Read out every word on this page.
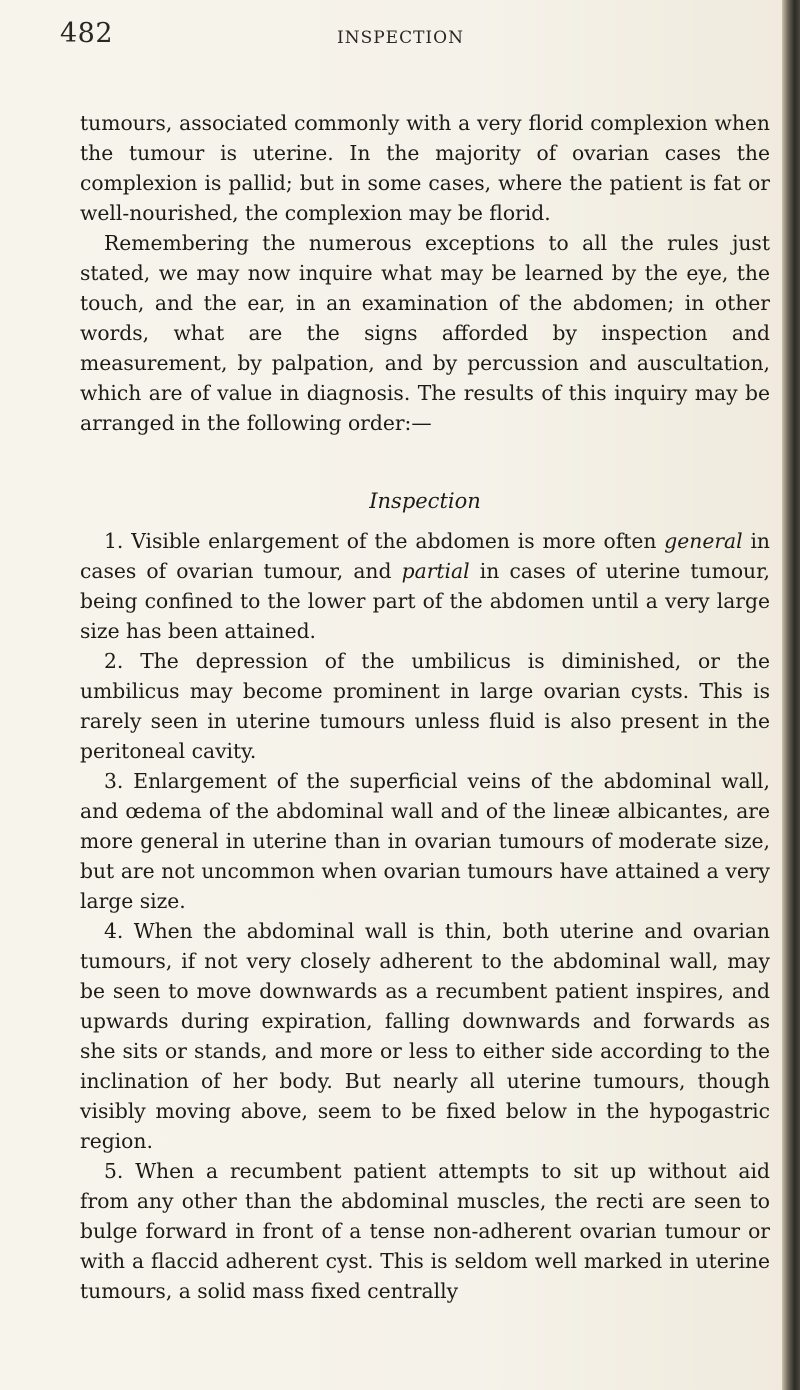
482	INSPECTION

tumours, associated commonly with a very florid complexion when the tumour is uterine. In the majority of ovarian cases the complexion is pallid; but in some cases, where the patient is fat or well-nourished, the complexion may be florid.

Remembering the numerous exceptions to all the rules just stated, we may now inquire what may be learned by the eye, the touch, and the ear, in an examination of the abdomen; in other words, what are the signs afforded by inspection and measurement, by palpation, and by percussion and auscultation, which are of value in diagnosis. The results of this inquiry may be arranged in the following order:—

Inspection

1. Visible enlargement of the abdomen is more often general in cases of ovarian tumour, and partial in cases of uterine tumour, being confined to the lower part of the abdomen until a very large size has been attained.

2. The depression of the umbilicus is diminished, or the umbilicus may become prominent in large ovarian cysts. This is rarely seen in uterine tumours unless fluid is also present in the peritoneal cavity.

3. Enlargement of the superficial veins of the abdominal wall, and œdema of the abdominal wall and of the lineæ albicantes, are more general in uterine than in ovarian tumours of moderate size, but are not uncommon when ovarian tumours have attained a very large size.

4. When the abdominal wall is thin, both uterine and ovarian tumours, if not very closely adherent to the abdominal wall, may be seen to move downwards as a recumbent patient inspires, and upwards during expiration, falling downwards and forwards as she sits or stands, and more or less to either side according to the inclination of her body. But nearly all uterine tumours, though visibly moving above, seem to be fixed below in the hypogastric region.

5. When a recumbent patient attempts to sit up without aid from any other than the abdominal muscles, the recti are seen to bulge forward in front of a tense non-adherent ovarian tumour or with a flaccid adherent cyst. This is seldom well marked in uterine tumours, a solid mass fixed centrally
